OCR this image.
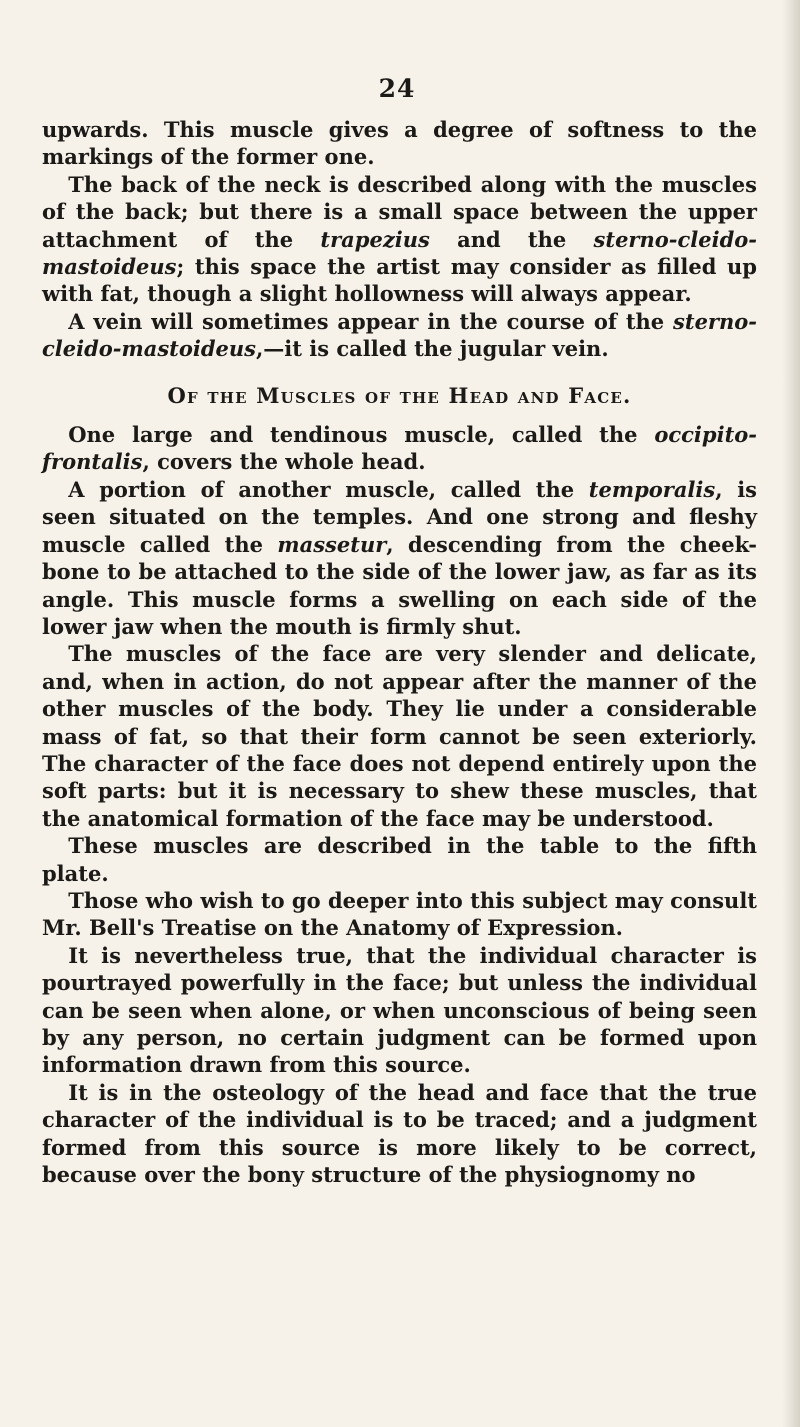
24

upwards. This muscle gives a degree of softness to the markings of the former one.

The back of the neck is described along with the muscles of the back; but there is a small space between the upper attachment of the trapezius and the sterno-cleido-mastoideus; this space the artist may consider as filled up with fat, though a slight hollowness will always appear.

A vein will sometimes appear in the course of the sterno-cleido-mastoideus,—it is called the jugular vein.

Of the Muscles of the Head and Face.

One large and tendinous muscle, called the occipito-frontalis, covers the whole head.

A portion of another muscle, called the temporalis, is seen situated on the temples. And one strong and fleshy muscle called the massetur, descending from the cheek-bone to be attached to the side of the lower jaw, as far as its angle. This muscle forms a swelling on each side of the lower jaw when the mouth is firmly shut.

The muscles of the face are very slender and delicate, and, when in action, do not appear after the manner of the other muscles of the body. They lie under a considerable mass of fat, so that their form cannot be seen exteriorly. The character of the face does not depend entirely upon the soft parts: but it is necessary to shew these muscles, that the anatomical formation of the face may be understood.

These muscles are described in the table to the fifth plate.

Those who wish to go deeper into this subject may consult Mr. Bell's Treatise on the Anatomy of Expression.

It is nevertheless true, that the individual character is pourtrayed powerfully in the face; but unless the individual can be seen when alone, or when unconscious of being seen by any person, no certain judgment can be formed upon information drawn from this source.

It is in the osteology of the head and face that the true character of the individual is to be traced; and a judgment formed from this source is more likely to be correct, because over the bony structure of the physiognomy no
